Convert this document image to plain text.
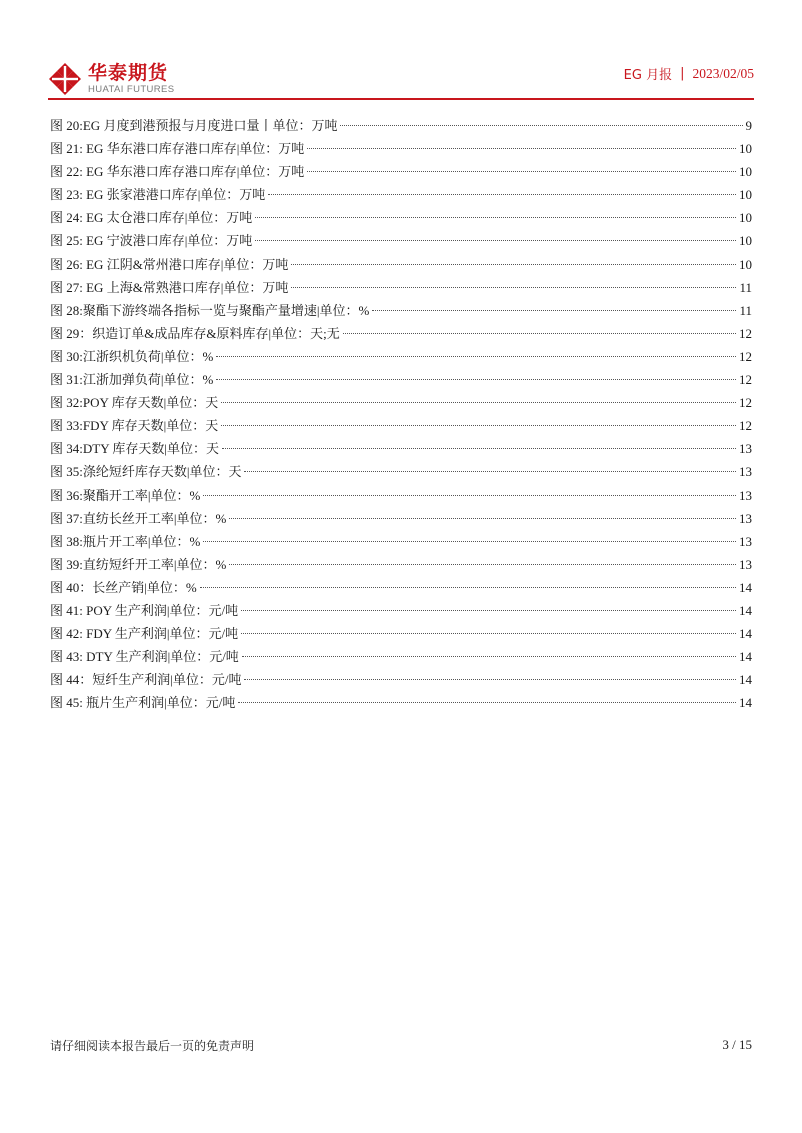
华泰期货
HUATAI FUTURES
EG 月报 | 2023/02/05
图 20:EG 月度到港预报与月度进口量丨单位：万吨	9
图 21: EG 华东港口库存港口库存|单位：万吨	10
图 22: EG 华东港口库存港口库存|单位：万吨	10
图 23: EG 张家港港口库存|单位：万吨	10
图 24: EG 太仓港口库存|单位：万吨	10
图 25: EG 宁波港口库存|单位：万吨	10
图 26: EG 江阴&常州港口库存|单位：万吨	10
图 27: EG 上海&常熟港口库存|单位：万吨	11
图 28:聚酯下游终端各指标一览与聚酯产量增速|单位：%	11
图 29：织造订单&成品库存&原料库存|单位：天;无	12
图 30:江浙织机负荷|单位：%	12
图 31:江浙加弹负荷|单位：%	12
图 32:POY 库存天数|单位：天	12
图 33:FDY 库存天数|单位：天	12
图 34:DTY 库存天数|单位：天	13
图 35:涤纶短纤库存天数|单位：天	13
图 36:聚酯开工率|单位：%	13
图 37:直纺长丝开工率|单位：%	13
图 38:瓶片开工率|单位：%	13
图 39:直纺短纤开工率|单位：%	13
图 40：长丝产销|单位：%	14
图 41: POY 生产利润|单位：元/吨	14
图 42: FDY 生产利润|单位：元/吨	14
图 43: DTY 生产利润|单位：元/吨	14
图 44：短纤生产利润|单位：元/吨	14
图 45: 瓶片生产利润|单位：元/吨	14
请仔细阅读本报告最后一页的免责声明	3 / 15
